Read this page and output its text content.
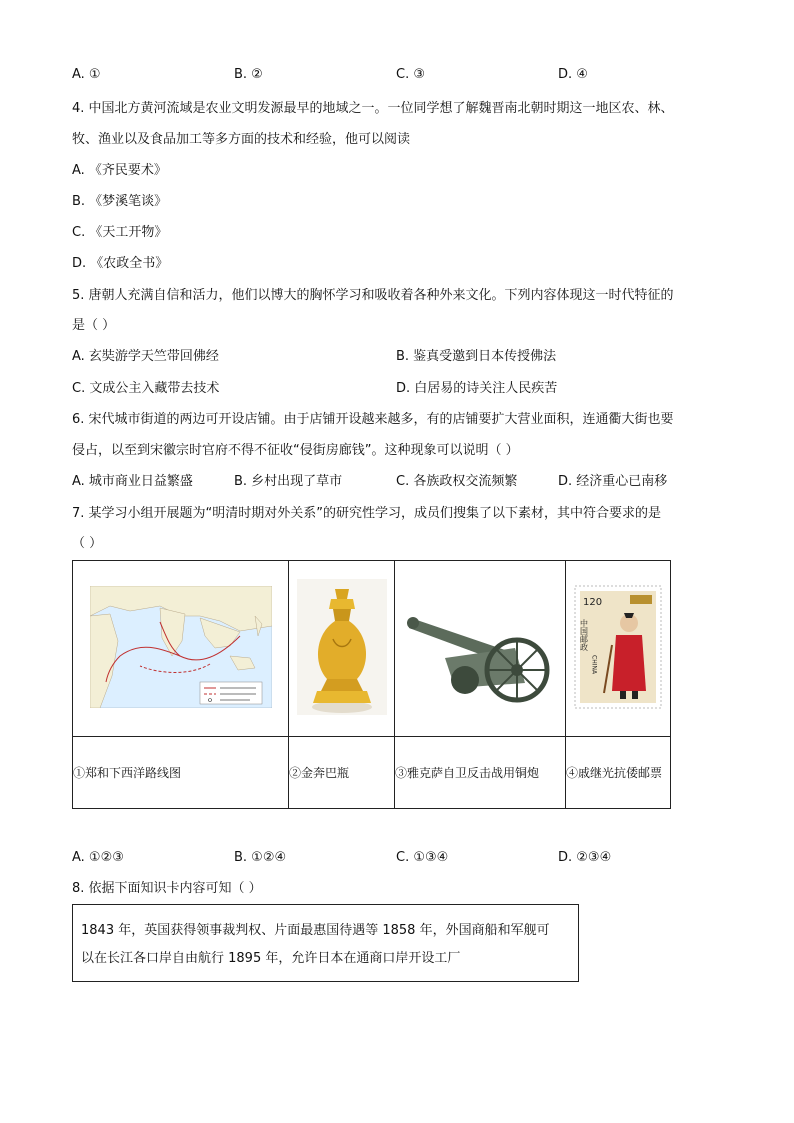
A. ①	B. ②	C. ③	D. ④
4. 中国北方黄河流域是农业文明发源最早的地域之一。一位同学想了解魏晋南北朝时期这一地区农、林、
牧、渔业以及食品加工等多方面的技术和经验，他可以阅读
A. 《齐民要术》
B. 《梦溪笔谈》
C. 《天工开物》
D. 《农政全书》
5. 唐朝人充满自信和活力，他们以博大的胸怀学习和吸收着各种外来文化。下列内容体现这一时代特征的
是（ ）
A. 玄奘游学天竺带回佛经	B. 鉴真受邀到日本传授佛法
C. 文成公主入藏带去技术	D. 白居易的诗关注人民疾苦
6. 宋代城市街道的两边可开设店铺。由于店铺开设越来越多，有的店铺要扩大营业面积，连通衢大街也要
侵占，以至到宋徽宗时官府不得不征收“侵街房廊钱”。这种现象可以说明（ ）
A. 城市商业日益繁盛	B. 乡村出现了草市	C. 各族政权交流频繁	D. 经济重心已南移
7. 某学习小组开展题为“明清时期对外关系”的研究性学习，成员们搜集了以下素材，其中符合要求的是
（ ）

120
中国邮政
CHINA

①郑和下西洋路线图	②金奔巴瓶	③雅克萨自卫反击战用铜炮	④戚继光抗倭邮票
A. ①②③	B. ①②④	C. ①③④	D. ②③④
8. 依据下面知识卡内容可知（ ）
1843 年，英国获得领事裁判权、片面最惠国待遇等 1858 年，外国商船和军舰可
以在长江各口岸自由航行 1895 年，允许日本在通商口岸开设工厂
